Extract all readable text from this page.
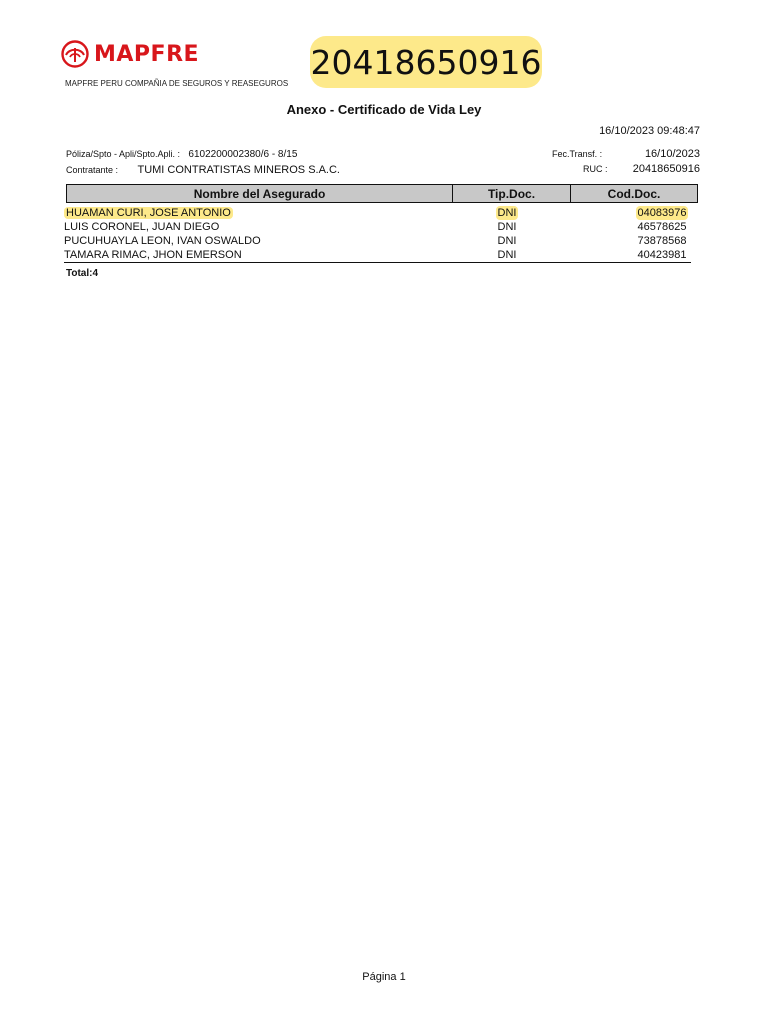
MAPFRE
MAPFRE PERU COMPAÑIA DE SEGUROS Y REASEGUROS
20418650916
Anexo - Certificado de Vida Ley
16/10/2023 09:48:47
Póliza/Spto - Apli/Spto.Apli. : 6102200002380/6 - 8/15
Contratante : TUMI CONTRATISTAS MINEROS S.A.C.
Fec.Transf. :	16/10/2023
RUC : 20418650916
Nombre del Asegurado	Tip.Doc.	Cod.Doc.
HUAMAN CURI, JOSE ANTONIO	DNI	04083976
LUIS CORONEL, JUAN DIEGO	DNI	46578625
PUCUHUAYLA LEON, IVAN OSWALDO	DNI	73878568
TAMARA RIMAC, JHON EMERSON	DNI	40423981
Total:4
Página 1
